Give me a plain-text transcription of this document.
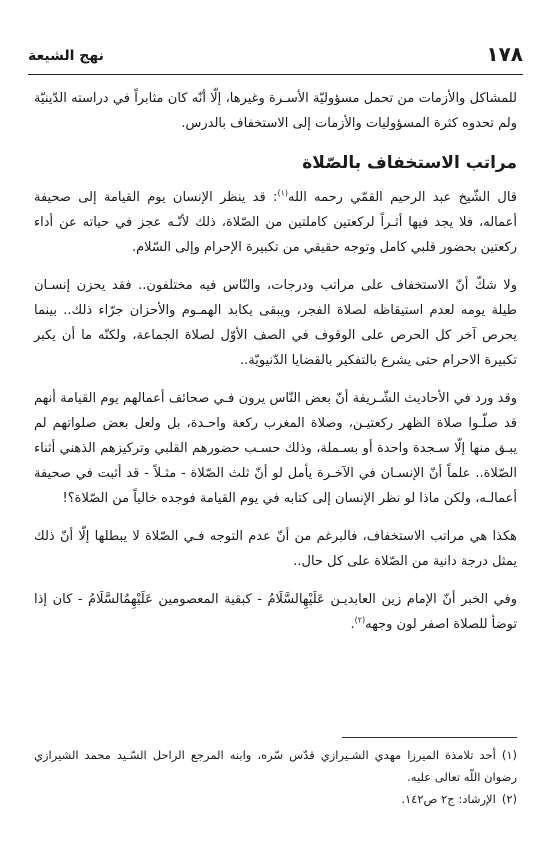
١٧٨
نهج الشيعة

للمشاكل والأزمات من تحمل مسؤوليّة الأسـرة وغيرها، إلّا أنّه كان مثابراً في دراسته الدّينيّة ولم تحدوه كثرة المسؤوليات والأزمات إلى الاستخفاف بالدرس.

مراتب الاستخفاف بالصّلاة

قال الشّيخ عبد الرحيم القمّي رحمه الله$^{(١)}$: قد ينظر الإنسان يوم القيامة إلى صحيفة أعماله، فلا يجد فيها أثـراً لركعتين كاملتين من الصّلاة، ذلك لأنّـه عجز في حياته عن أداء ركعتين بحضور قلبي كامل وتوجه حقيقي من تكبيرة الإحرام وإلى السّلام.

ولا شكّ أنّ الاستخفاف على مراتب ودرجات، والنّاس فيه مختلفون.. فقد يحزن إنسـان طيلة يومه لعدم استيقاظه لصلاة الفجر، ويبقى يكابد الهمـوم والأحزان جرّاء ذلك.. بينما يحرص آخر كل الحرص على الوقوف في الصف الأوّل لصلاة الجماعة، ولكنّه ما أن يكبر تكبيرة الاحرام حتى يشرع بالتفكير بالقضايا الدّنيويّة..

وقد ورد في الأحاديث الشّـريفة أنّ بعض النّاس يرون فـي صحائف أعمالهم يوم القيامة أنهم قد صلّـوا صلاة الظهر ركعتيـن، وصلاة المغرب ركعة واحـدة، بل ولعل بعض صلواتهم لم يبـق منها إلّا سـجدة واحدة أو بسـملة، وذلك حسـب حضورهم القلبي وتركيزهم الذهني أثناء الصّلاة.. علماً أنّ الإنسـان في الآخـرة يأمل لو أنّ ثلث الصّلاة - مثـلاً - قد أثبت في صحيفة أعمالـه، ولكن ماذا لو نظر الإنسان إلى كتابه في يوم القيامة فوجده خالياً من الصّلاة؟!

هكذا هي مراتب الاستخفاف، فالبرغم من أنّ عدم التوجه فـي الصّلاة لا يبطلها إلّا أنّ ذلك يمثل درجة دانية من الصّلاة على كل حال..

وفي الخبر أنّ الإمام زين العابديـن عَلَيْهِالسَّلَامُ - كبقية المعصومين عَلَيْهِمُالسَّلَامُ - كان إذا توضأ للصلاة اصفر لون وجهه$^{(٢)}$.

(١)أحد تلامذة الميرزا مهدي الشـيرازي قدّس سّره، وابنه المرجع الراحل السّـيد محمد الشيرازي رضوان اللّه تعالى عليه.

(٢)الإرشاد: ج٢ ص١٤٢.
